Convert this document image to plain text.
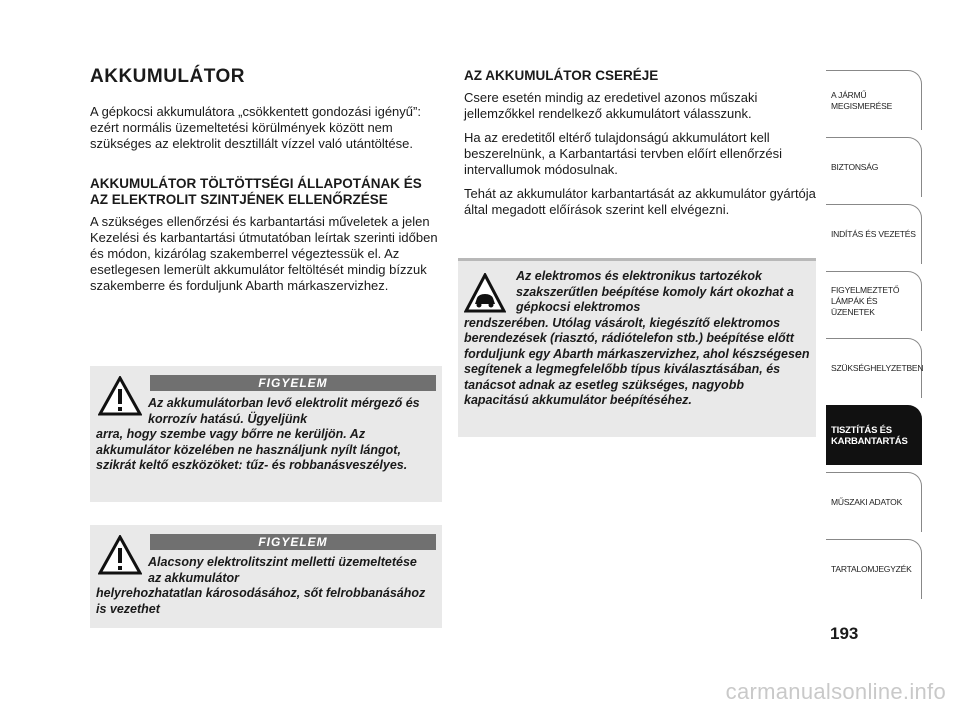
AKKUMULÁTOR

A gépkocsi akkumulátora „csökkentett gondozási igényű”: ezért normális üzemeltetési körülmények között nem szükséges az elektrolit desztillált vízzel való utántöltése.

AKKUMULÁTOR TÖLTÖTTSÉGI ÁLLAPOTÁNAK ÉS AZ ELEKTROLIT SZINTJÉNEK ELLENŐRZÉSE

A szükséges ellenőrzési és karbantartási műveletek a jelen Kezelési és karbantartási útmutatóban leírtak szerinti időben és módon, kizárólag szakemberrel végeztessük el. Az esetlegesen lemerült akkumulátor feltöltését mindig bízzuk szakemberre és forduljunk Abarth márkaszervizhez.

FIGYELEM
Az akkumulátorban levő elektrolit mérgező és korrozív hatású. Ügyeljünk
arra, hogy szembe vagy bőrre ne kerüljön. Az akkumulátor közelében ne használjunk nyílt lángot, szikrát keltő eszközöket: tűz- és robbanásveszélyes.
FIGYELEM
Alacsony elektrolitszint melletti üzemeltetése az akkumulátor
helyrehozhatatlan károsodásához, sőt felrobbanásához is vezethet
AZ AKKUMULÁTOR CSERÉJE

Csere esetén mindig az eredetivel azonos műszaki jellemzőkkel rendelkező akkumulátort válasszunk.

Ha az eredetitől eltérő tulajdonságú akkumulátort kell beszerelnünk, a Karbantartási tervben előírt ellenőrzési intervallumok módosulnak.

Tehát az akkumulátor karbantartását az akkumulátor gyártója által megadott előírások szerint kell elvégezni.

Az elektromos és elektronikus tartozékok szakszerűtlen beépítése komoly kárt okozhat a gépkocsi elektromos
rendszerében. Utólag vásárolt, kiegészítő elektromos berendezések (riasztó, rádiótelefon stb.) beépítése előtt forduljunk egy Abarth márkaszervizhez, ahol készségesen segítenek a legmegfelelőbb típus kiválasztásában, és tanácsot adnak az esetleg szükséges, nagyobb kapacitású akkumulátor beépítéséhez.
A JÁRMŰ MEGISMERÉSE
BIZTONSÁG
INDÍTÁS ÉS VEZETÉS
FIGYELMEZTETŐ LÁMPÁK ÉS ÜZENETEK
SZÜKSÉGHELYZETBEN
TISZTÍTÁS ÉS KARBANTARTÁS
MŰSZAKI ADATOK
TARTALOMJEGYZÉK
193
carmanualsonline.info
